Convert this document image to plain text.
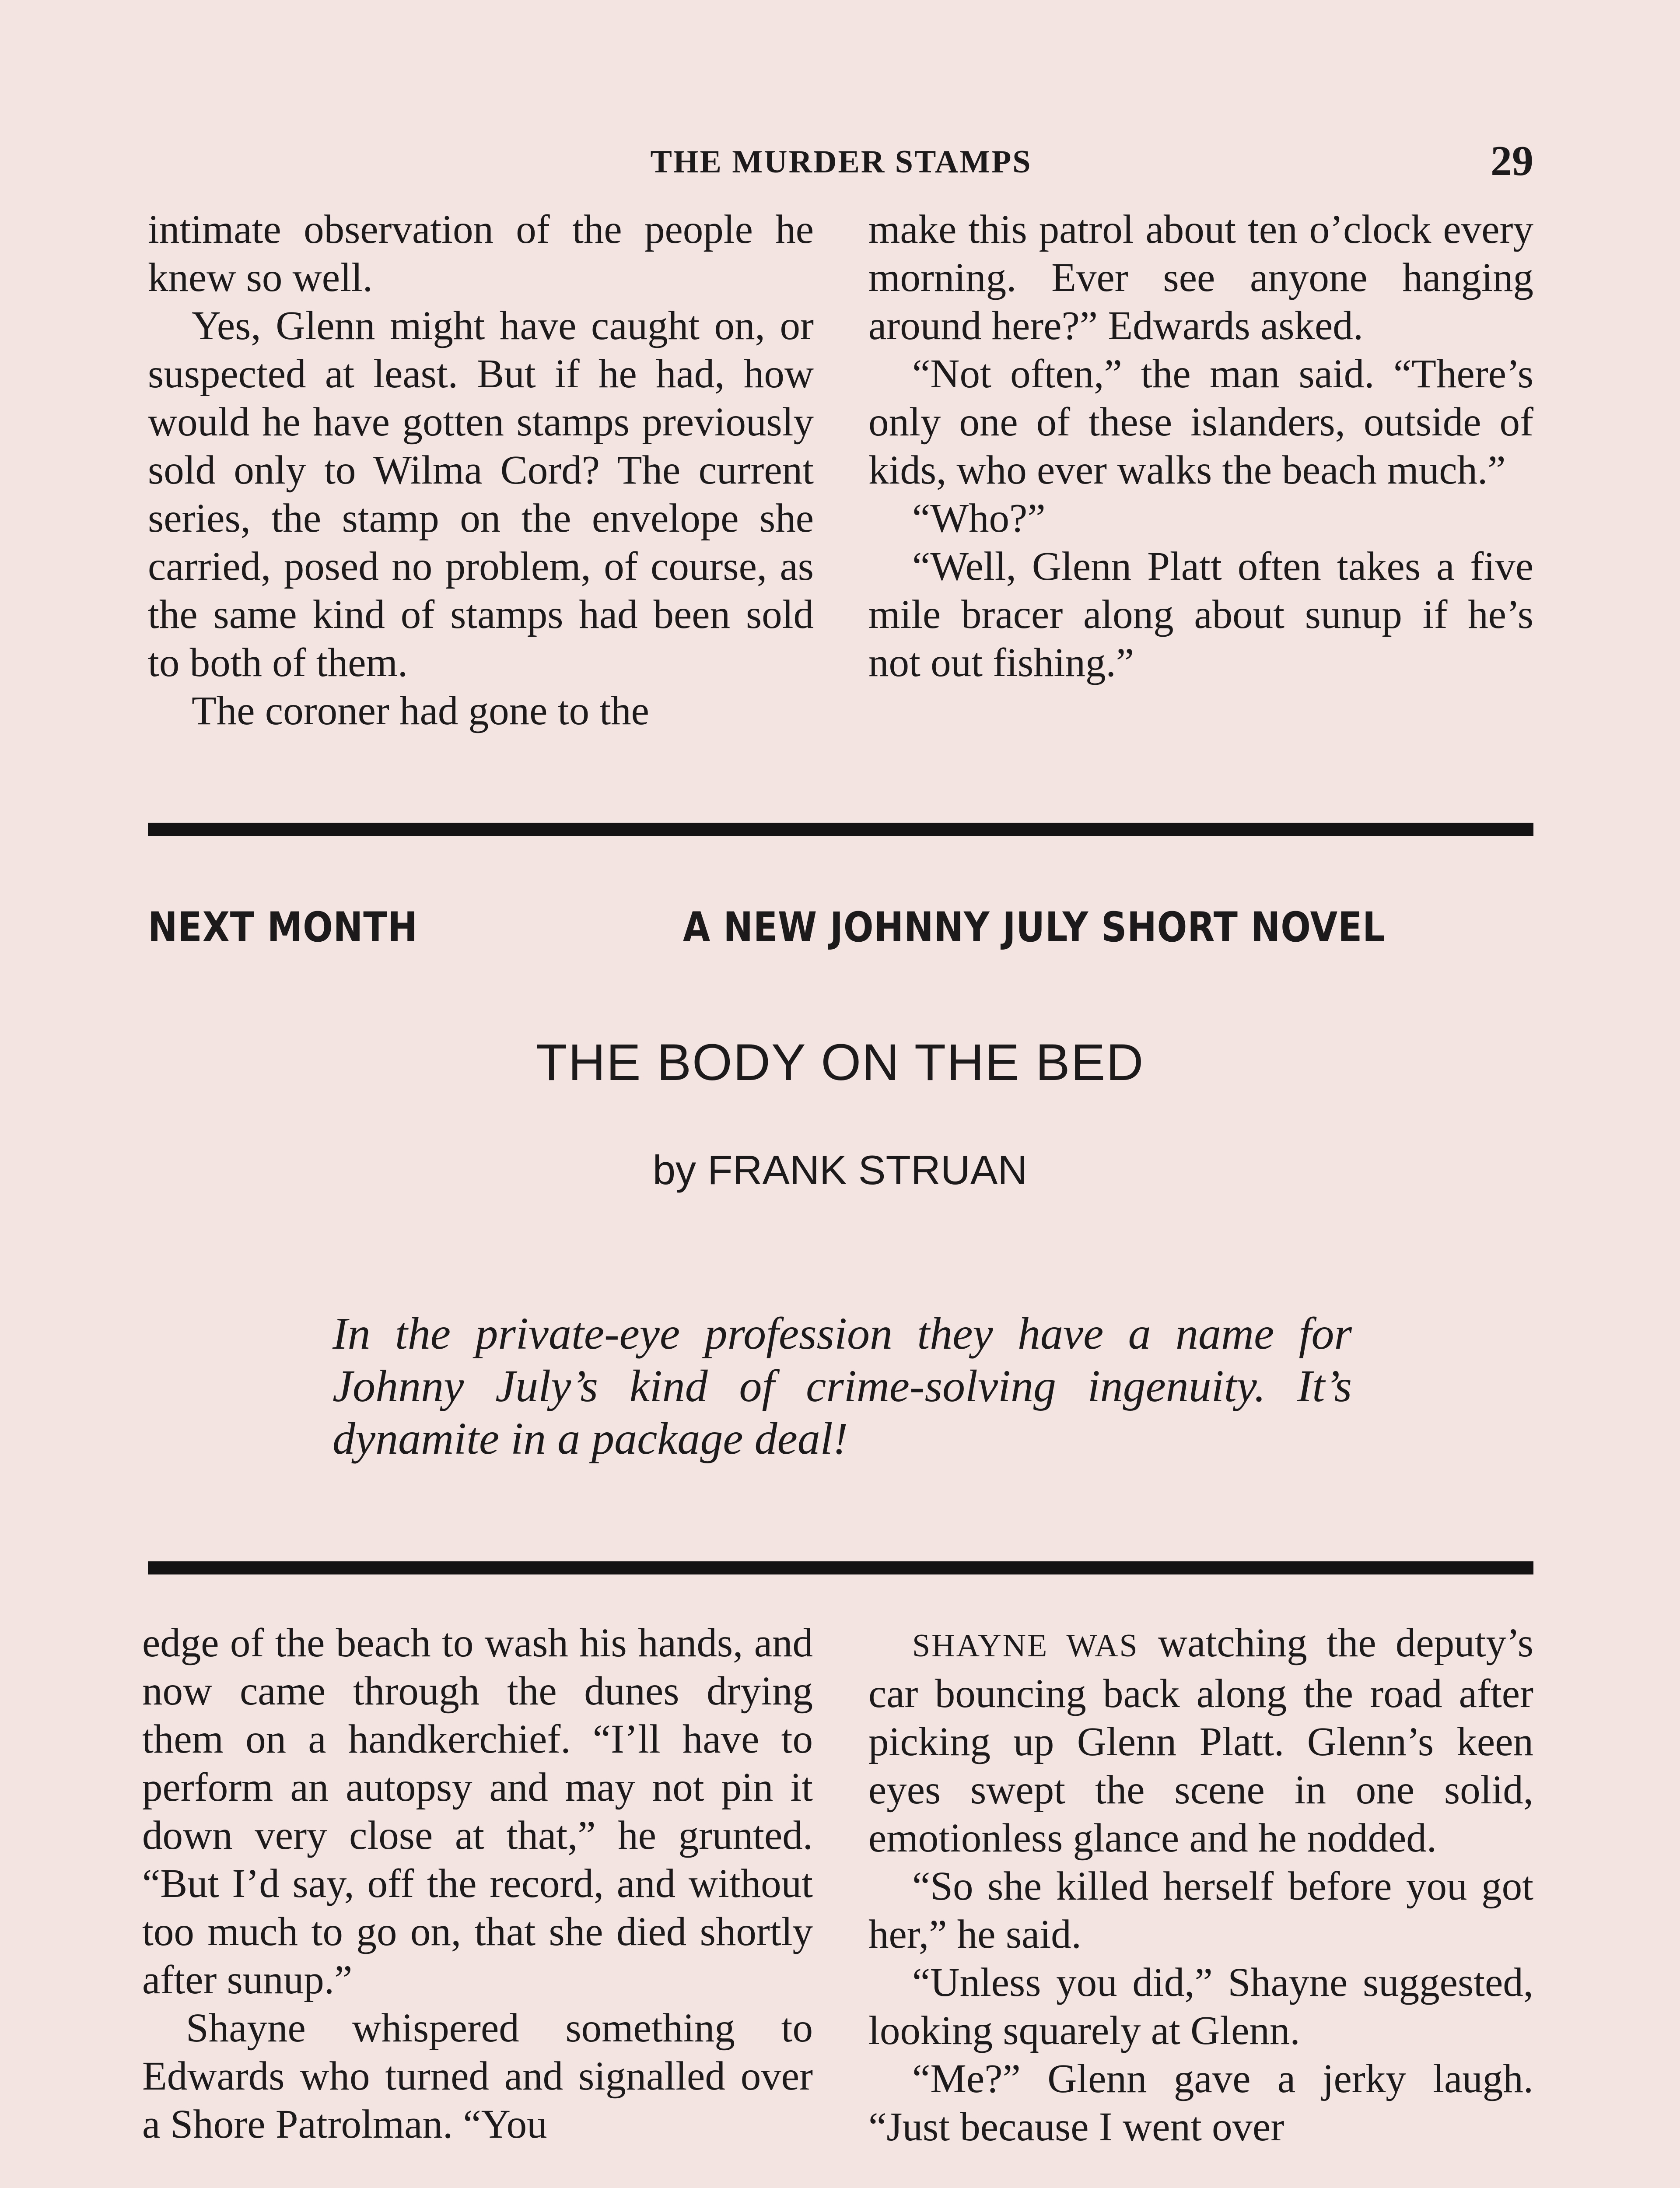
THE MURDER STAMPS	29

intimate observation of the people he knew so well.

Yes, Glenn might have caught on, or suspected at least. But if he had, how would he have gotten stamps previously sold only to Wilma Cord? The current series, the stamp on the envelope she carried, posed no problem, of course, as the same kind of stamps had been sold to both of them.

The coroner had gone to the

make this patrol about ten o’clock every morning. Ever see anyone hanging around here?” Edwards asked.

“Not often,” the man said. “There’s only one of these islanders, outside of kids, who ever walks the beach much.”

“Who?”

“Well, Glenn Platt often takes a five mile bracer along about sunup if he’s not out fishing.”

NEXT MONTH	A NEW JOHNNY JULY SHORT NOVEL
THE BODY ON THE BED
by FRANK STRUAN
In the private-eye profession they have a name for Johnny July’s kind of crime-solving ingenuity. It’s dynamite in a package deal!

edge of the beach to wash his hands, and now came through the dunes drying them on a handkerchief. “I’ll have to perform an autopsy and may not pin it down very close at that,” he grunted. “But I’d say, off the record, and without too much to go on, that she died shortly after sunup.”

Shayne whispered something to Edwards who turned and signalled over a Shore Patrolman. “You

SHAYNE WAS watching the deputy’s car bouncing back along the road after picking up Glenn Platt. Glenn’s keen eyes swept the scene in one solid, emotionless glance and he nodded.

“So she killed herself before you got her,” he said.

“Unless you did,” Shayne suggested, looking squarely at Glenn.

“Me?” Glenn gave a jerky laugh. “Just because I went over
